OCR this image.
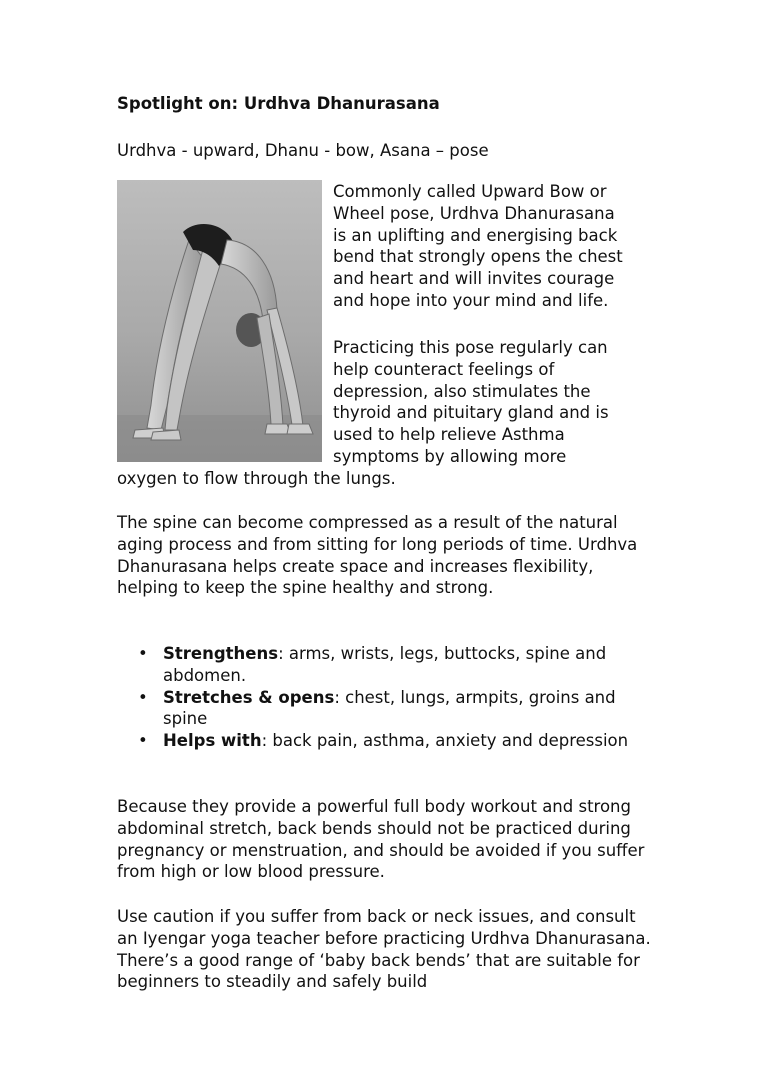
Spotlight on: Urdhva Dhanurasana
Urdhva - upward, Dhanu - bow, Asana – pose
Commonly called Upward Bow or
Wheel pose, Urdhva Dhanurasana
is an uplifting and energising back
bend that strongly opens the chest
and heart and will invites courage
and hope into your mind and life.
Practicing this pose regularly can
help counteract feelings of
depression, also stimulates the
thyroid and pituitary gland and is
used to help relieve Asthma
symptoms by allowing more
oxygen to flow through the lungs.
The spine can become compressed as a result of the natural aging process and from sitting for long periods of time. Urdhva Dhanurasana helps create space and increases flexibility, helping to keep the spine healthy and strong.
• Strengthens: arms, wrists, legs, buttocks, spine and abdomen.
• Stretches & opens: chest, lungs, armpits, groins and spine
• Helps with: back pain, asthma, anxiety and depression
Because they provide a powerful full body workout and strong abdominal stretch, back bends should not be practiced during pregnancy or menstruation, and should be avoided if you suffer from high or low blood pressure.
Use caution if you suffer from back or neck issues, and consult an Iyengar yoga teacher before practicing Urdhva Dhanurasana. There’s a good range of ‘baby back bends’ that are suitable for beginners to steadily and safely build
